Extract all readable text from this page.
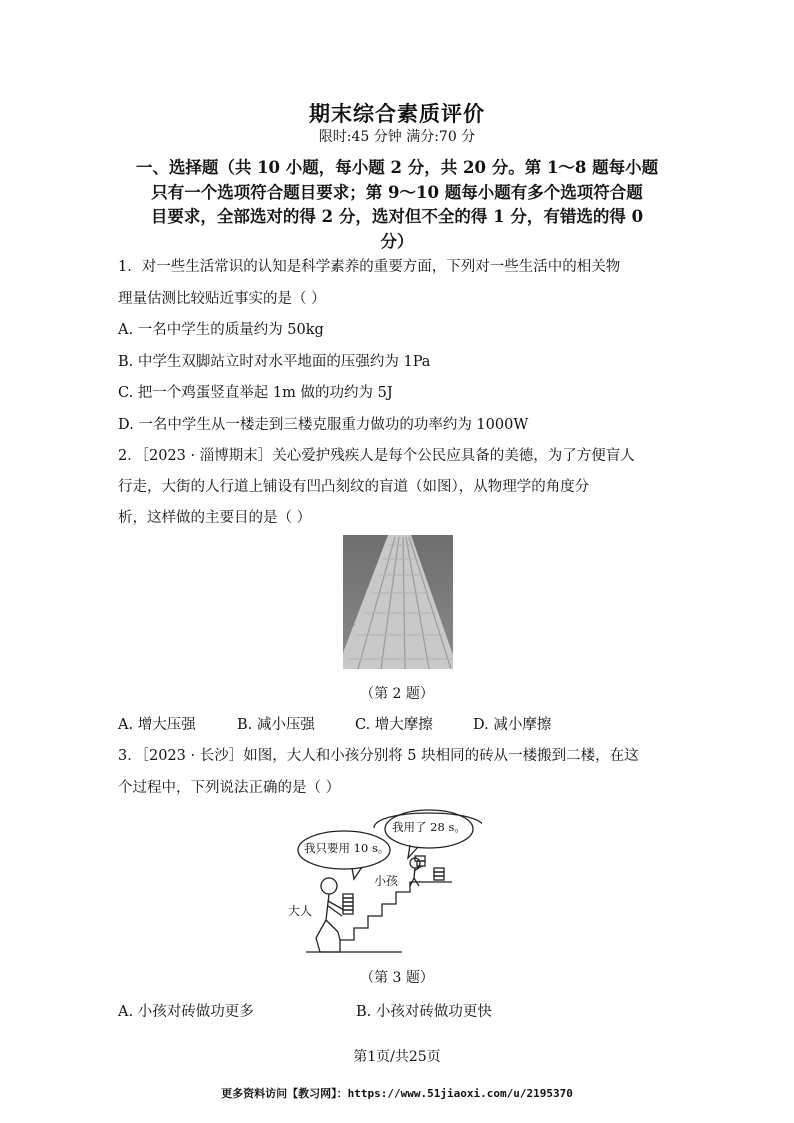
期末综合素质评价
限时:45 分钟 满分:70 分
一、选择题（共 10 小题，每小题 2 分，共 20 分。第 1～8 题每小题
只有一个选项符合题目要求；第 9～10 题每小题有多个选项符合题
目要求，全部选对的得 2 分，选对但不全的得 1 分，有错选的得 0
分）
1．对一些生活常识的认知是科学素养的重要方面，下列对一些生活中的相关物
理量估测比较贴近事实的是（ ）
A. 一名中学生的质量约为 50kg
B. 中学生双脚站立时对水平地面的压强约为 1Pa
C. 把一个鸡蛋竖直举起 1m 做的功约为 5J
D. 一名中学生从一楼走到三楼克服重力做功的功率约为 1000W
2．［2023 · 淄博期末］关心爱护残疾人是每个公民应具备的美德，为了方便盲人
行走，大街的人行道上铺设有凹凸刻纹的盲道（如图），从物理学的角度分
析，这样做的主要目的是（ ）
（第 2 题）
A. 增大压强	B. 减小压强	C. 增大摩擦	D. 减小摩擦
3．［2023 · 长沙］如图，大人和小孩分别将 5 块相同的砖从一楼搬到二楼，在这
个过程中，下列说法正确的是（ ）
我只要用 10 s。
我用了 28 s。
大人
小孩
（第 3 题）
A. 小孩对砖做功更多	B. 小孩对砖做功更快
第1页/共25页
更多资料访问【教习网】：https://www.51jiaoxi.com/u/2195370
